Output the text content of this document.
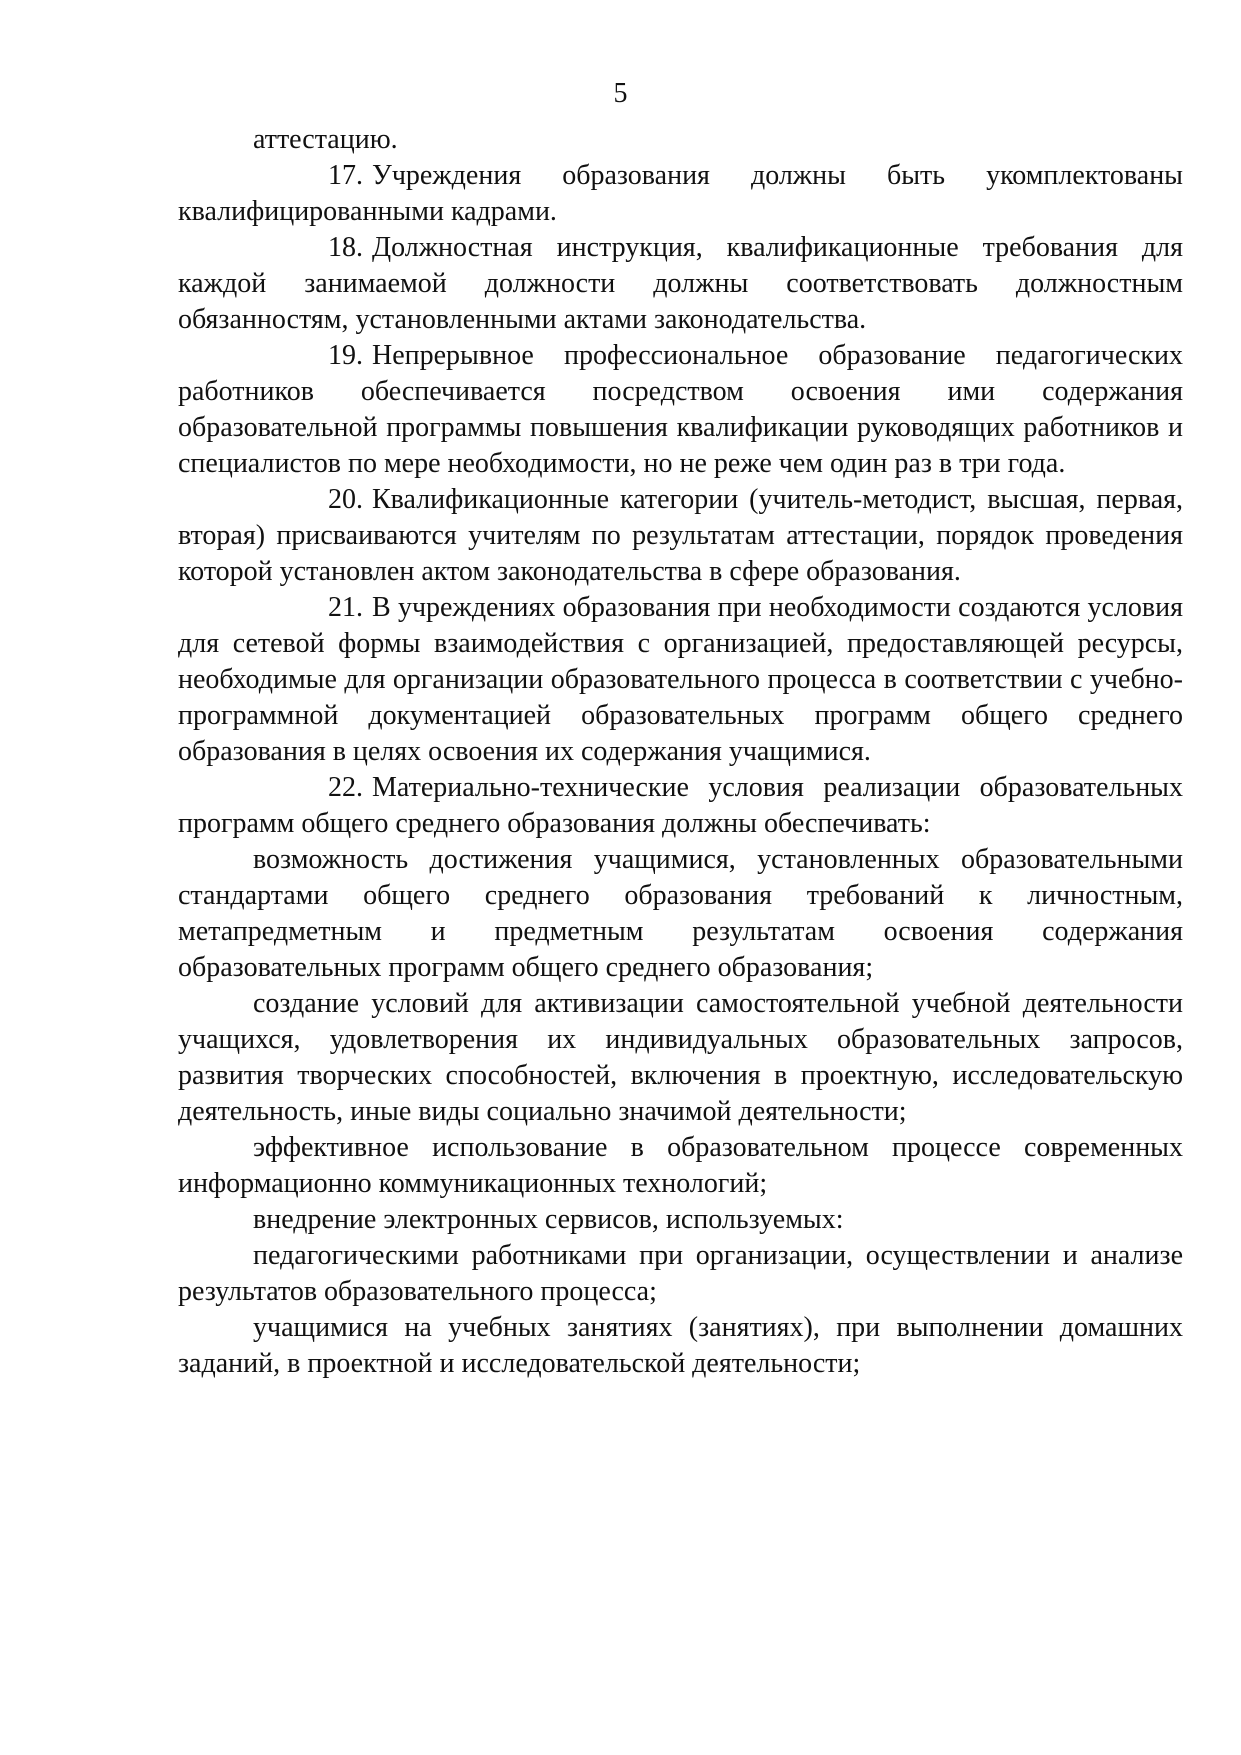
5

аттестацию.

17. Учреждения образования должны быть укомплектованы квалифицированными кадрами.

18. Должностная инструкция, квалификационные требования для каждой занимаемой должности должны соответствовать должностным обязанностям, установленными актами законодательства.

19. Непрерывное профессиональное образование педагогических работников обеспечивается посредством освоения ими содержания образовательной программы повышения квалификации руководящих работников и специалистов по мере необходимости, но не реже чем один раз в три года.

20. Квалификационные категории (учитель-методист, высшая, первая, вторая) присваиваются учителям по результатам аттестации, порядок проведения которой установлен актом законодательства в сфере образования.

21. В учреждениях образования при необходимости создаются условия для сетевой формы взаимодействия с организацией, предоставляющей ресурсы, необходимые для организации образовательного процесса в соответствии с учебно-программной документацией образовательных программ общего среднего образования в целях освоения их содержания учащимися.

22. Материально-технические условия реализации образовательных программ общего среднего образования должны обеспечивать:

возможность достижения учащимися, установленных образовательными стандартами общего среднего образования требований к личностным, метапредметным и предметным результатам освоения содержания образовательных программ общего среднего образования;

создание условий для активизации самостоятельной учебной деятельности учащихся, удовлетворения их индивидуальных образовательных запросов, развития творческих способностей, включения в проектную, исследовательскую деятельность, иные виды социально значимой деятельности;

эффективное использование в образовательном процессе современных информационно коммуникационных технологий;

внедрение электронных сервисов, используемых:

педагогическими работниками при организации, осуществлении и анализе результатов образовательного процесса;

учащимися на учебных занятиях (занятиях), при выполнении домашних заданий, в проектной и исследовательской деятельности;
